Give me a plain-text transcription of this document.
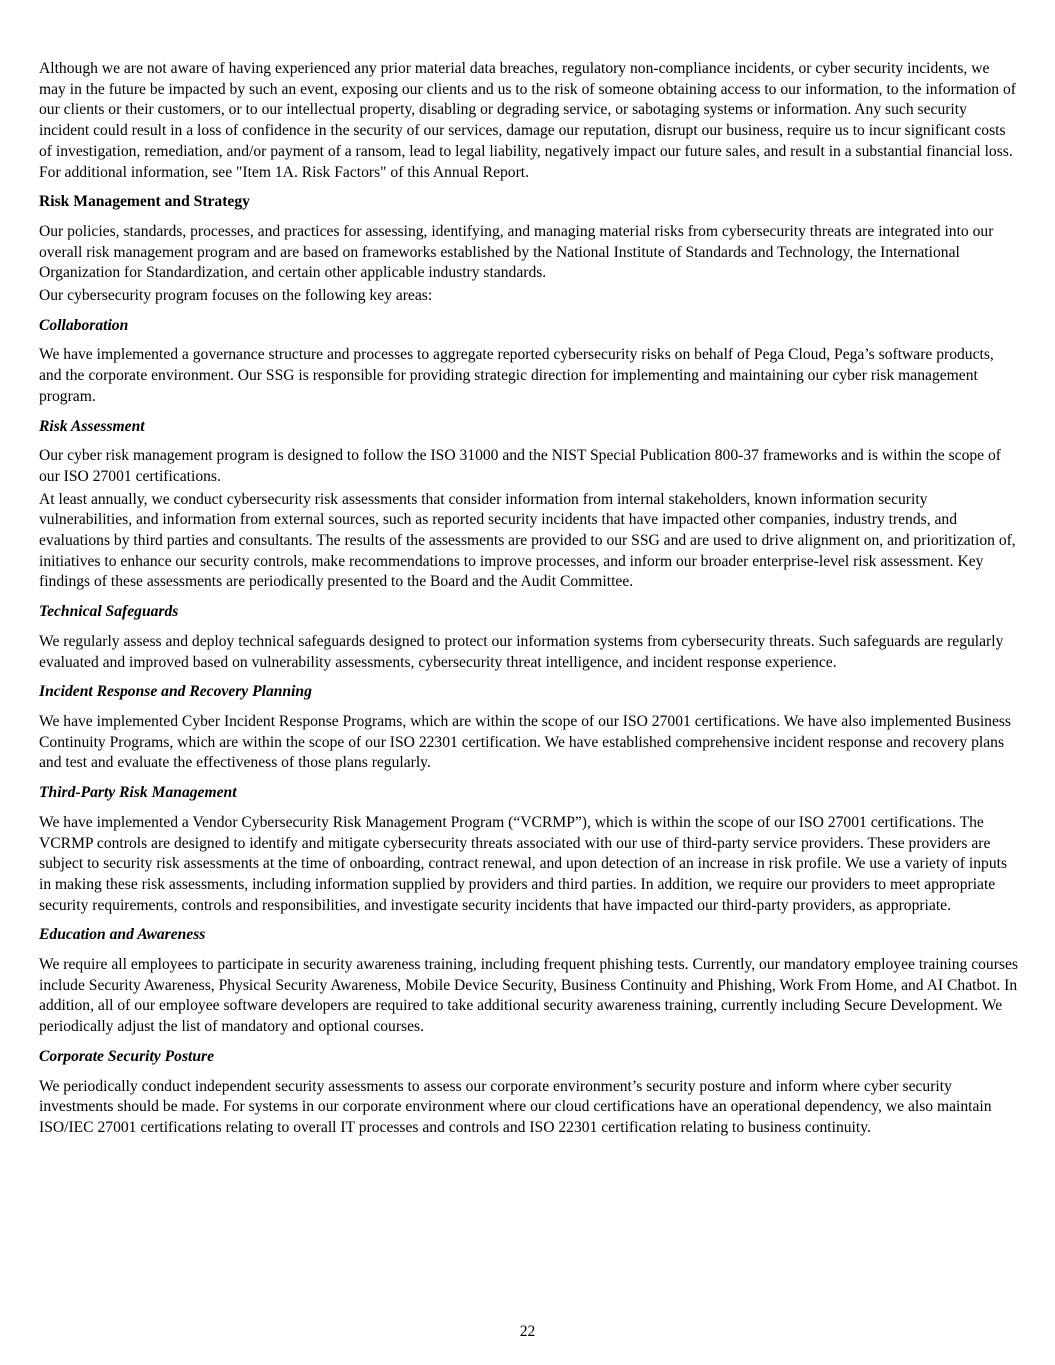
Although we are not aware of having experienced any prior material data breaches, regulatory non-compliance incidents, or cyber security incidents, we may in the future be impacted by such an event, exposing our clients and us to the risk of someone obtaining access to our information, to the information of our clients or their customers, or to our intellectual property, disabling or degrading service, or sabotaging systems or information. Any such security incident could result in a loss of confidence in the security of our services, damage our reputation, disrupt our business, require us to incur significant costs of investigation, remediation, and/or payment of a ransom, lead to legal liability, negatively impact our future sales, and result in a substantial financial loss. For additional information, see "Item 1A. Risk Factors" of this Annual Report.

Risk Management and Strategy

Our policies, standards, processes, and practices for assessing, identifying, and managing material risks from cybersecurity threats are integrated into our overall risk management program and are based on frameworks established by the National Institute of Standards and Technology, the International Organization for Standardization, and certain other applicable industry standards.

Our cybersecurity program focuses on the following key areas:

Collaboration

We have implemented a governance structure and processes to aggregate reported cybersecurity risks on behalf of Pega Cloud, Pega’s software products, and the corporate environment. Our SSG is responsible for providing strategic direction for implementing and maintaining our cyber risk management program.

Risk Assessment

Our cyber risk management program is designed to follow the ISO 31000 and the NIST Special Publication 800-37 frameworks and is within the scope of our ISO 27001 certifications.

At least annually, we conduct cybersecurity risk assessments that consider information from internal stakeholders, known information security vulnerabilities, and information from external sources, such as reported security incidents that have impacted other companies, industry trends, and evaluations by third parties and consultants. The results of the assessments are provided to our SSG and are used to drive alignment on, and prioritization of, initiatives to enhance our security controls, make recommendations to improve processes, and inform our broader enterprise-level risk assessment. Key findings of these assessments are periodically presented to the Board and the Audit Committee.

Technical Safeguards

We regularly assess and deploy technical safeguards designed to protect our information systems from cybersecurity threats. Such safeguards are regularly evaluated and improved based on vulnerability assessments, cybersecurity threat intelligence, and incident response experience.

Incident Response and Recovery Planning

We have implemented Cyber Incident Response Programs, which are within the scope of our ISO 27001 certifications. We have also implemented Business Continuity Programs, which are within the scope of our ISO 22301 certification. We have established comprehensive incident response and recovery plans and test and evaluate the effectiveness of those plans regularly.

Third-Party Risk Management

We have implemented a Vendor Cybersecurity Risk Management Program (“VCRMP”), which is within the scope of our ISO 27001 certifications. The VCRMP controls are designed to identify and mitigate cybersecurity threats associated with our use of third-party service providers. These providers are subject to security risk assessments at the time of onboarding, contract renewal, and upon detection of an increase in risk profile. We use a variety of inputs in making these risk assessments, including information supplied by providers and third parties. In addition, we require our providers to meet appropriate security requirements, controls and responsibilities, and investigate security incidents that have impacted our third-party providers, as appropriate.

Education and Awareness

We require all employees to participate in security awareness training, including frequent phishing tests. Currently, our mandatory employee training courses include Security Awareness, Physical Security Awareness, Mobile Device Security, Business Continuity and Phishing, Work From Home, and AI Chatbot. In addition, all of our employee software developers are required to take additional security awareness training, currently including Secure Development. We periodically adjust the list of mandatory and optional courses.

Corporate Security Posture

We periodically conduct independent security assessments to assess our corporate environment’s security posture and inform where cyber security investments should be made. For systems in our corporate environment where our cloud certifications have an operational dependency, we also maintain ISO/IEC 27001 certifications relating to overall IT processes and controls and ISO 22301 certification relating to business continuity.

22
